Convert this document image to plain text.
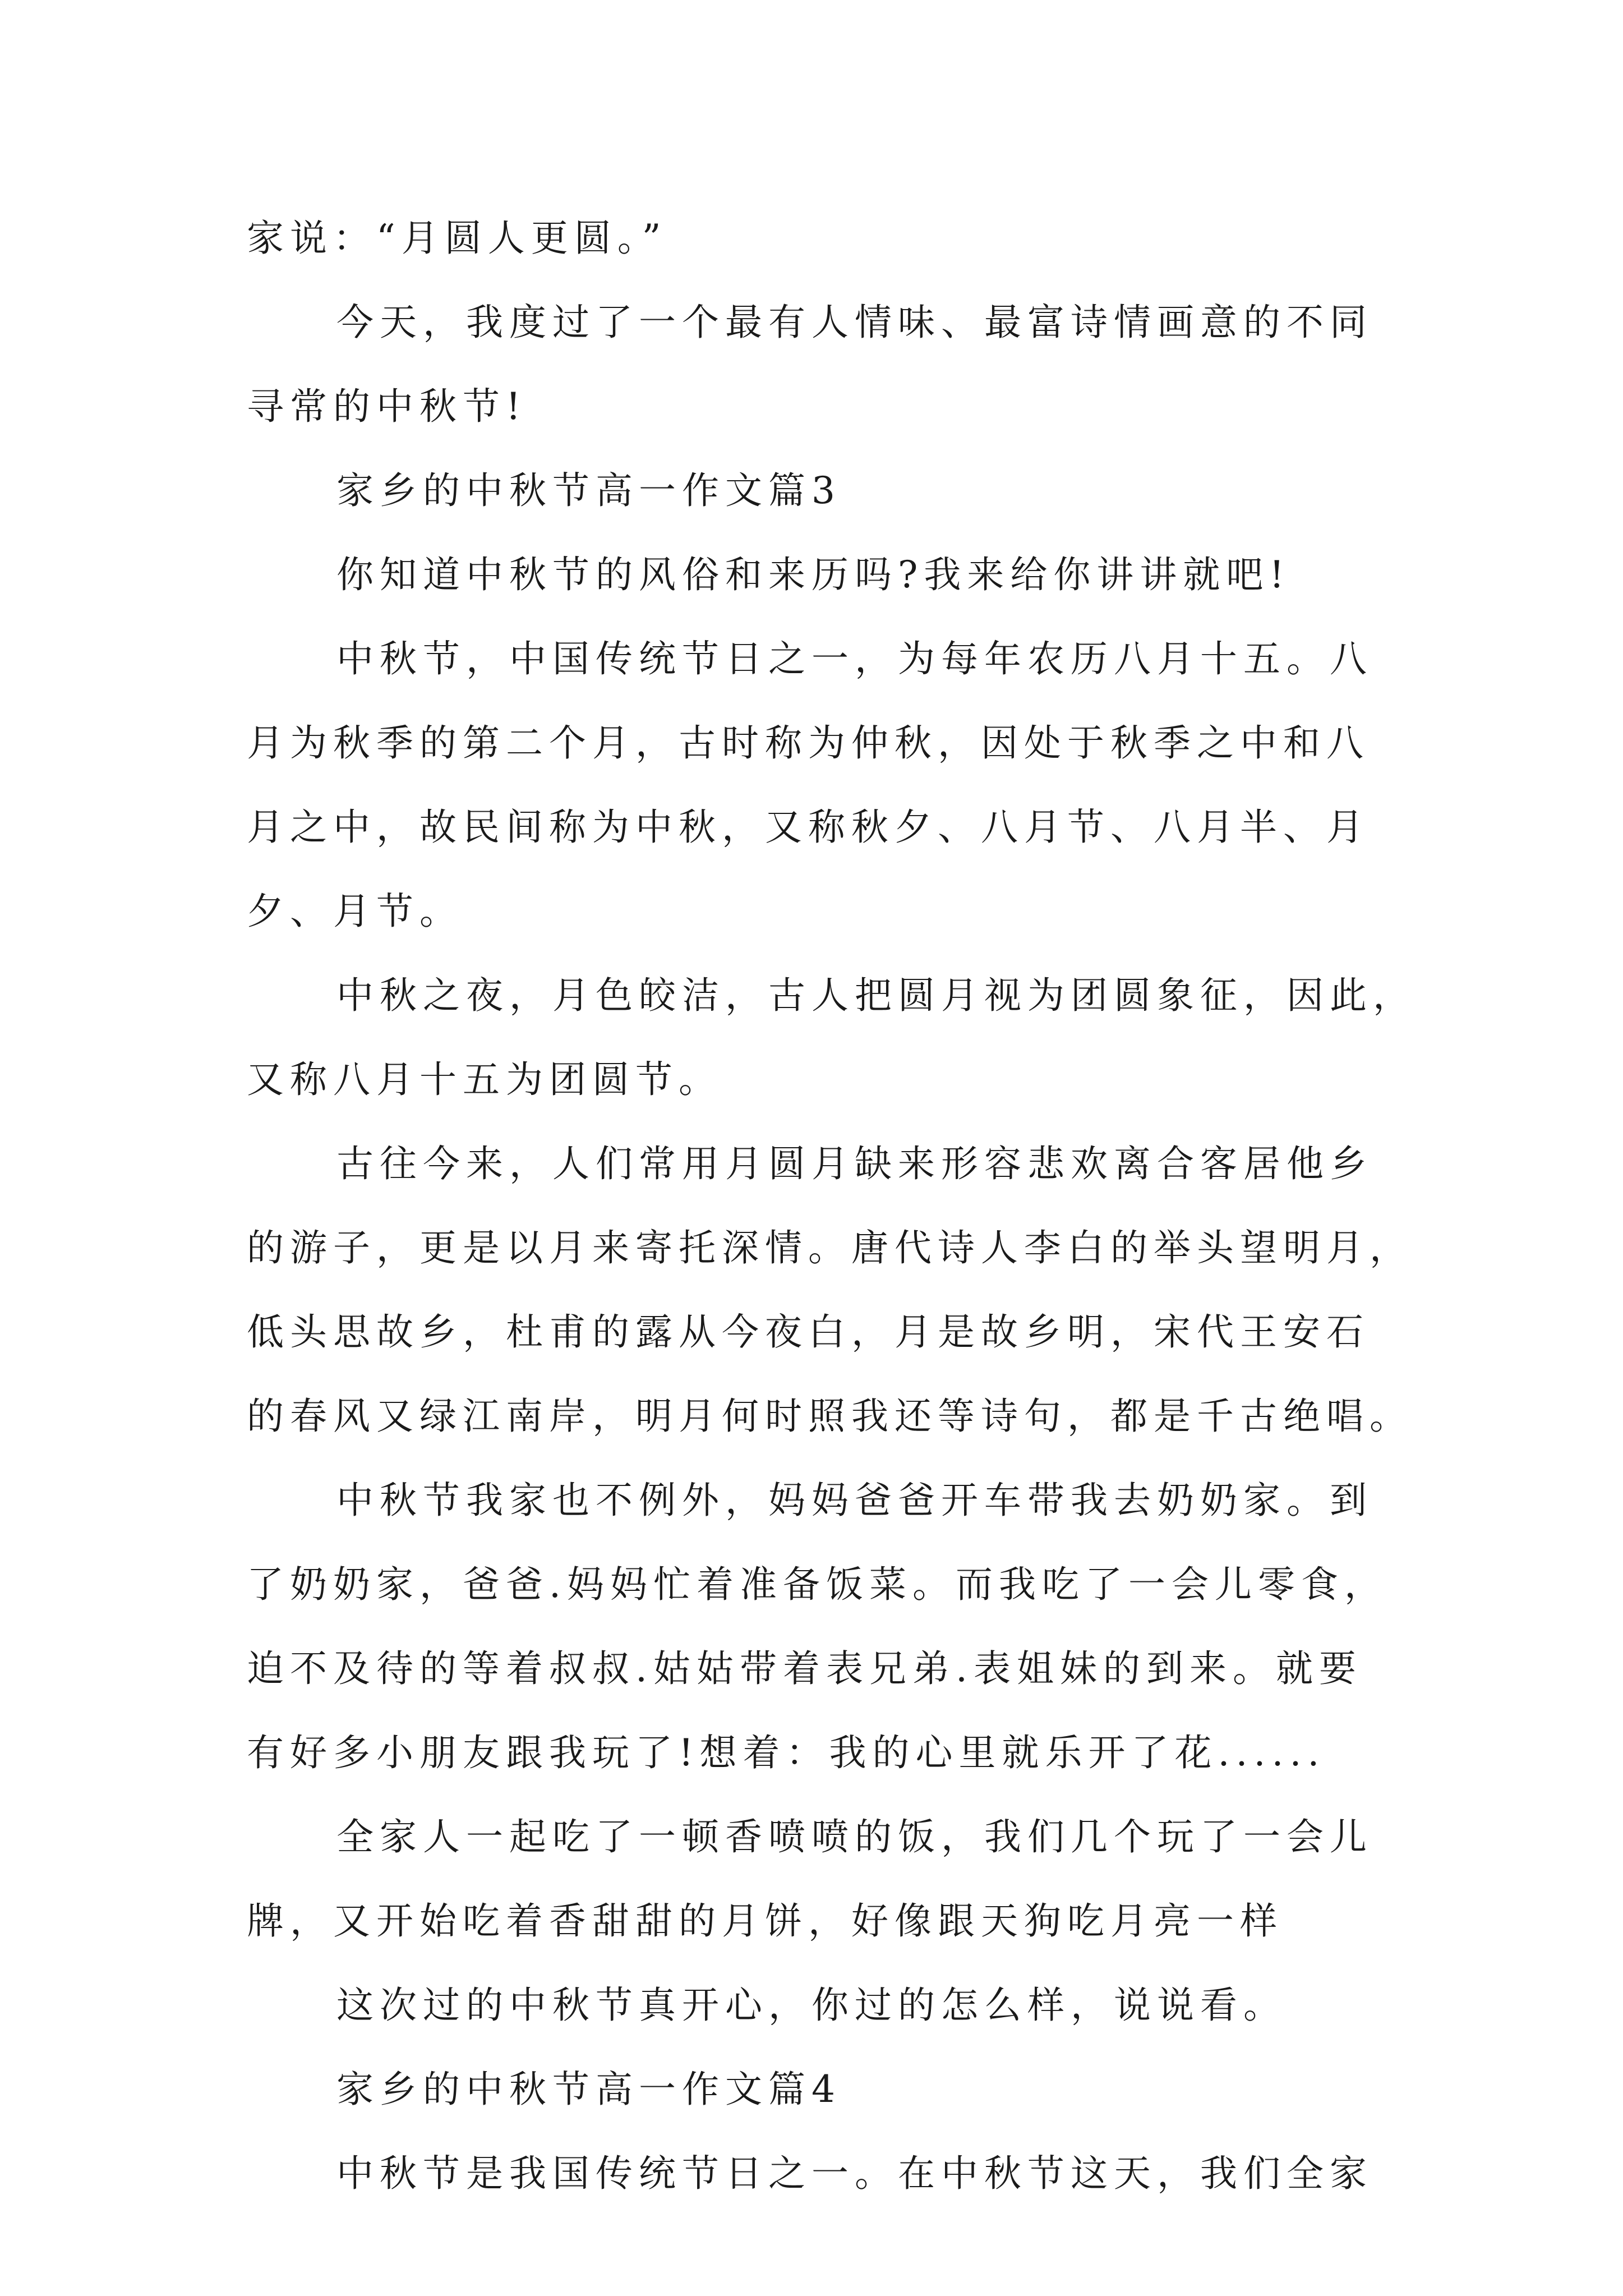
家说：“月圆人更圆。”
今天，我度过了一个最有人情味、最富诗情画意的不同
寻常的中秋节!
家乡的中秋节高一作文篇3
你知道中秋节的风俗和来历吗?我来给你讲讲就吧!
中秋节，中国传统节日之一，为每年农历八月十五。八
月为秋季的第二个月，古时称为仲秋，因处于秋季之中和八
月之中，故民间称为中秋，又称秋夕、八月节、八月半、月
夕、月节。
中秋之夜，月色皎洁，古人把圆月视为团圆象征，因此，
又称八月十五为团圆节。
古往今来，人们常用月圆月缺来形容悲欢离合客居他乡
的游子，更是以月来寄托深情。唐代诗人李白的举头望明月，
低头思故乡，杜甫的露从今夜白，月是故乡明，宋代王安石
的春风又绿江南岸，明月何时照我还等诗句，都是千古绝唱。
中秋节我家也不例外，妈妈爸爸开车带我去奶奶家。到
了奶奶家，爸爸.妈妈忙着准备饭菜。而我吃了一会儿零食，
迫不及待的等着叔叔.姑姑带着表兄弟.表姐妹的到来。就要
有好多小朋友跟我玩了!想着：我的心里就乐开了花......
全家人一起吃了一顿香喷喷的饭，我们几个玩了一会儿
牌，又开始吃着香甜甜的月饼，好像跟天狗吃月亮一样
这次过的中秋节真开心，你过的怎么样，说说看。
家乡的中秋节高一作文篇4
中秋节是我国传统节日之一。在中秋节这天，我们全家
